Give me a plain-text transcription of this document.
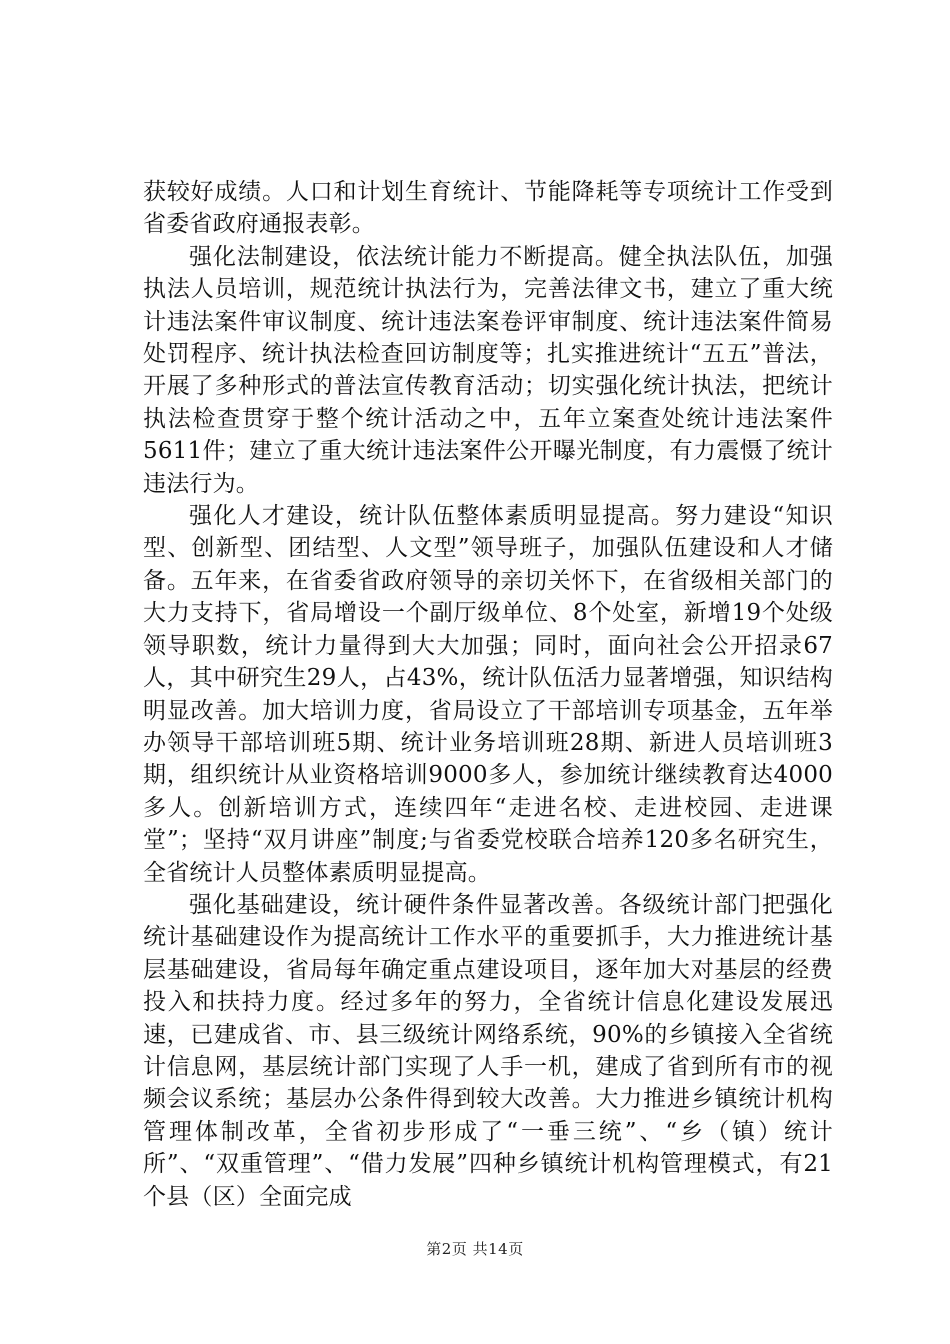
获较好成绩。人口和计划生育统计、节能降耗等专项统计工作受到省委省政府通报表彰。

强化法制建设，依法统计能力不断提高。健全执法队伍，加强执法人员培训，规范统计执法行为，完善法律文书，建立了重大统计违法案件审议制度、统计违法案卷评审制度、统计违法案件简易处罚程序、统计执法检查回访制度等；扎实推进统计“五五”普法，开展了多种形式的普法宣传教育活动；切实强化统计执法，把统计执法检查贯穿于整个统计活动之中，五年立案查处统计违法案件5611件；建立了重大统计违法案件公开曝光制度，有力震慑了统计违法行为。

强化人才建设，统计队伍整体素质明显提高。努力建设“知识型、创新型、团结型、人文型”领导班子，加强队伍建设和人才储备。五年来，在省委省政府领导的亲切关怀下，在省级相关部门的大力支持下，省局增设一个副厅级单位、8个处室，新增19个处级领导职数，统计力量得到大大加强；同时，面向社会公开招录67人，其中研究生29人，占43%，统计队伍活力显著增强，知识结构明显改善。加大培训力度，省局设立了干部培训专项基金，五年举办领导干部培训班5期、统计业务培训班28期、新进人员培训班3期，组织统计从业资格培训9000多人，参加统计继续教育达4000多人。创新培训方式，连续四年“走进名校、走进校园、走进课堂”；坚持“双月讲座”制度;与省委党校联合培养120多名研究生，全省统计人员整体素质明显提高。

强化基础建设，统计硬件条件显著改善。各级统计部门把强化统计基础建设作为提高统计工作水平的重要抓手，大力推进统计基层基础建设，省局每年确定重点建设项目，逐年加大对基层的经费投入和扶持力度。经过多年的努力，全省统计信息化建设发展迅速，已建成省、市、县三级统计网络系统，90%的乡镇接入全省统计信息网，基层统计部门实现了人手一机，建成了省到所有市的视频会议系统；基层办公条件得到较大改善。大力推进乡镇统计机构管理体制改革，全省初步形成了“一垂三统”、“乡（镇）统计所”、“双重管理”、“借力发展”四种乡镇统计机构管理模式，有21个县（区）全面完成

第2页 共14页
